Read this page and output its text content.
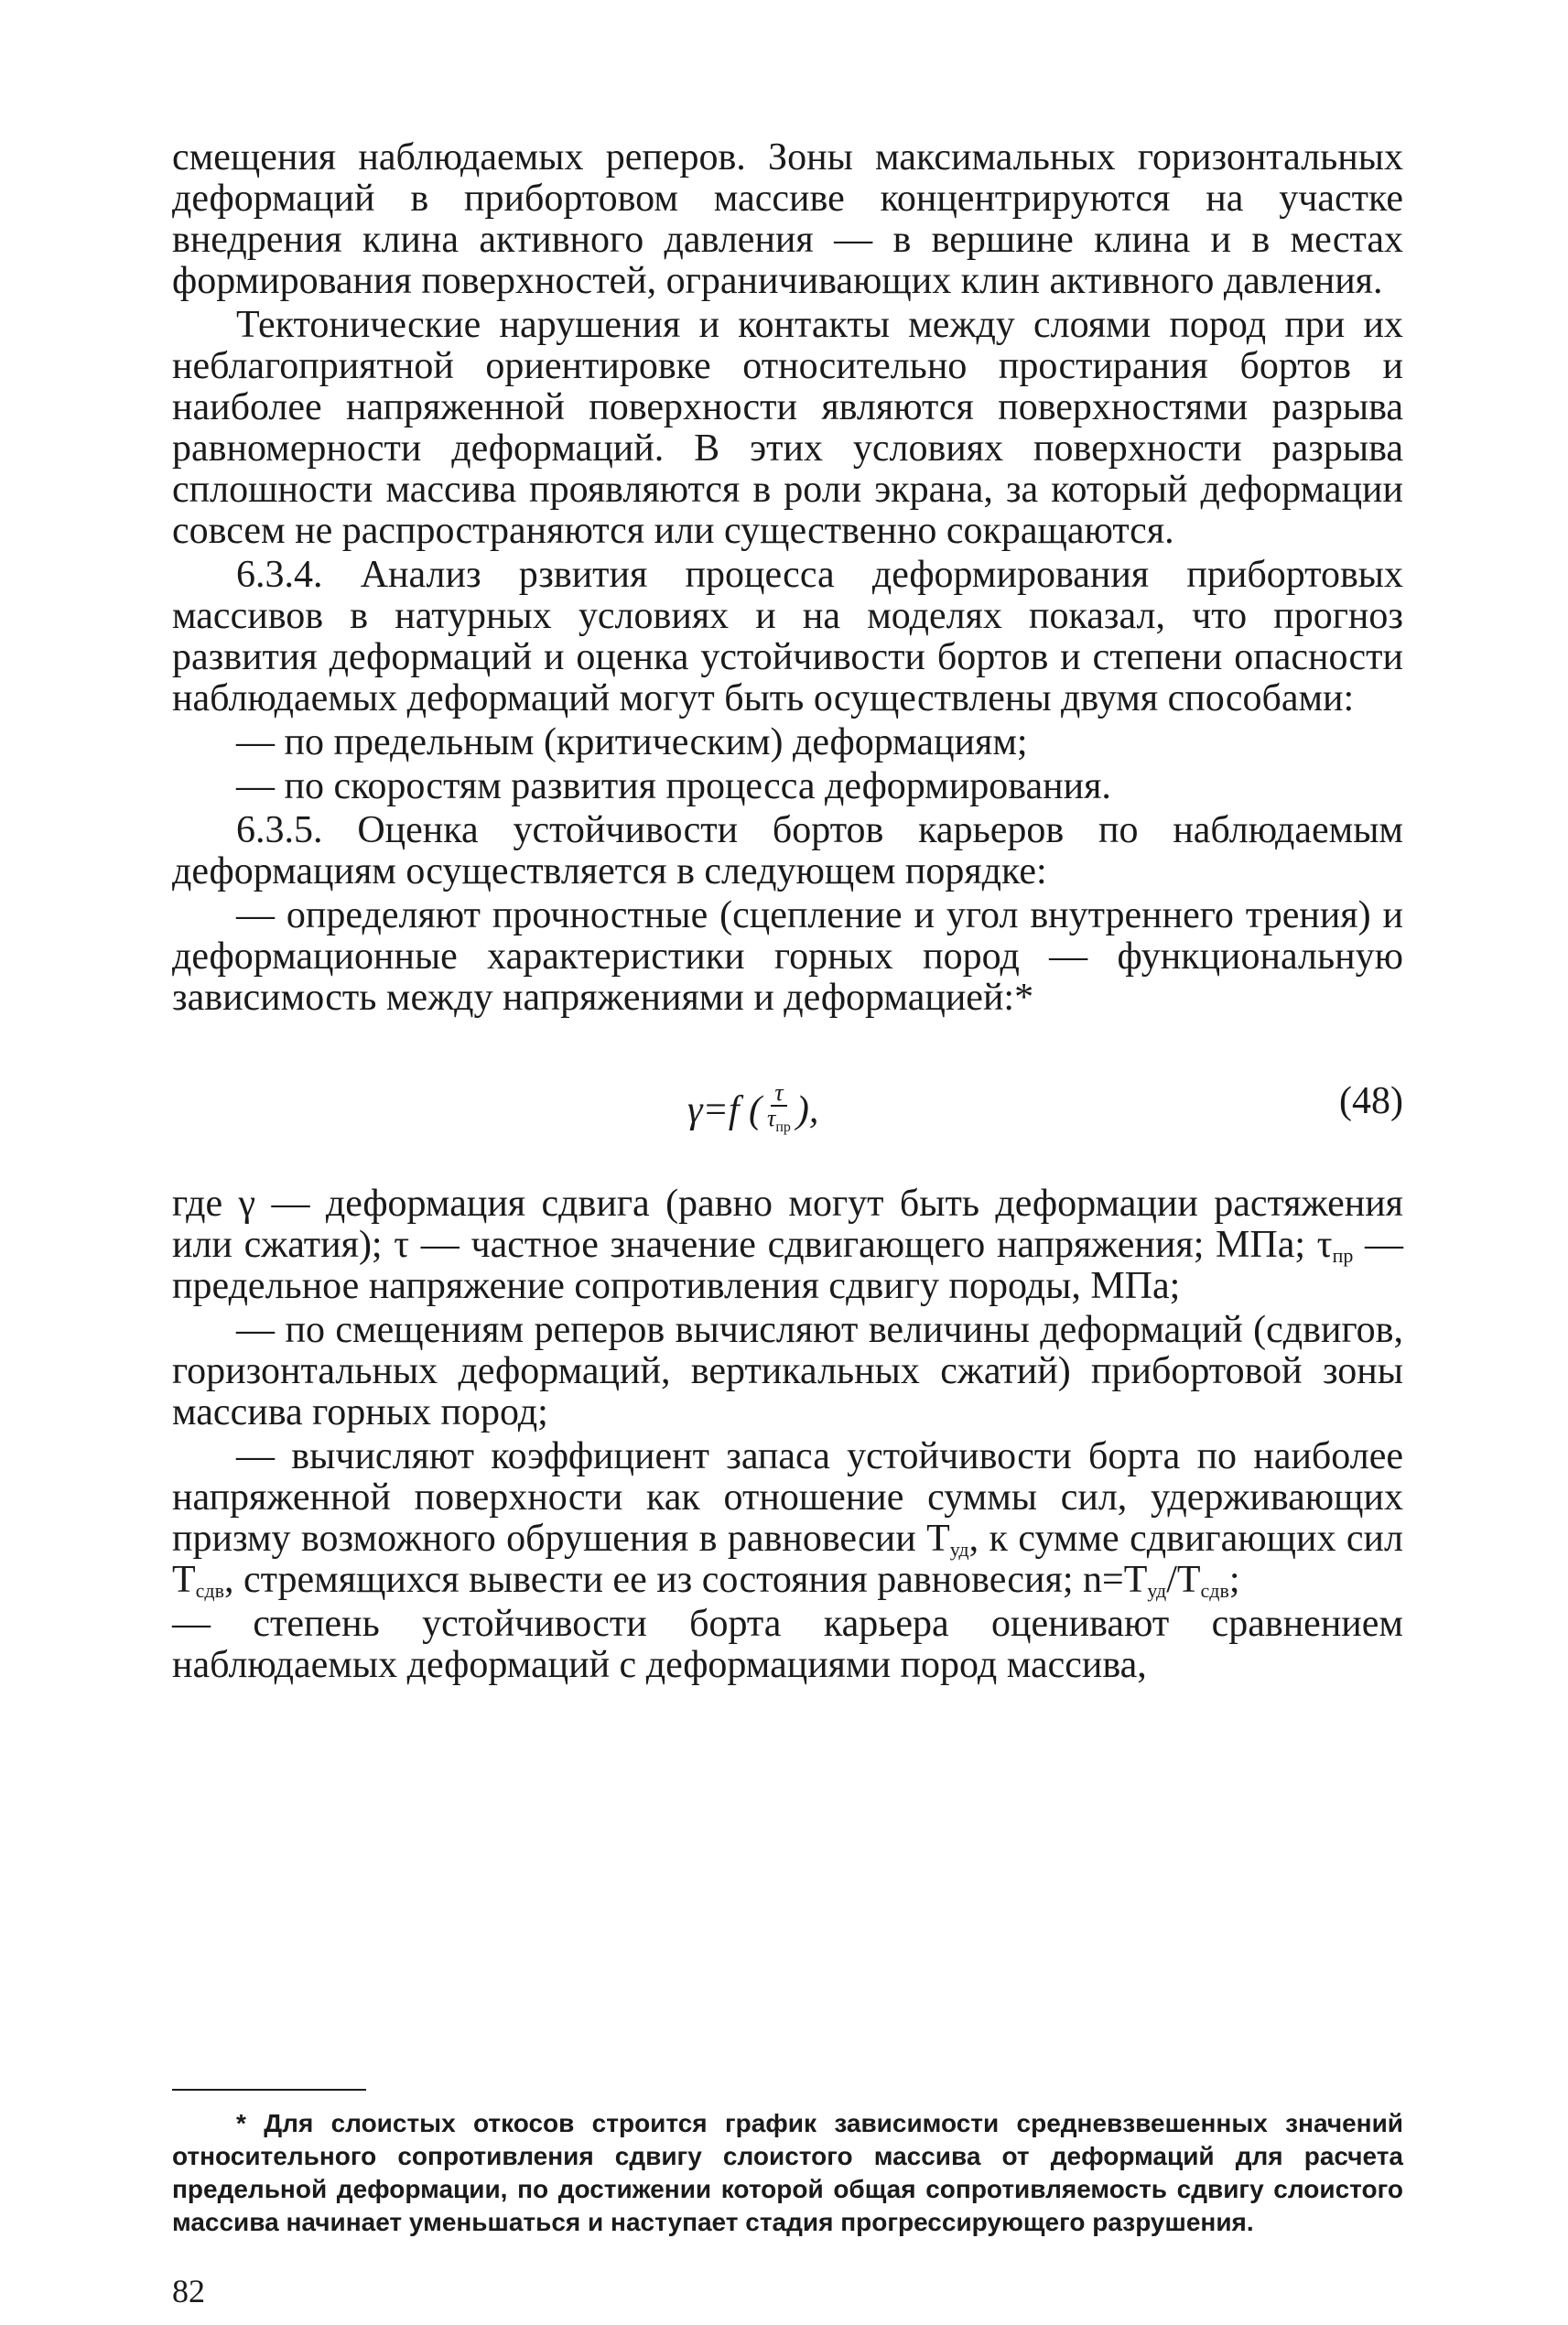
смещения наблюдаемых реперов. Зоны максимальных горизонтальных деформаций в прибортовом массиве концентрируются на участке внедрения клина активного давления — в вершине клина и в местах формирования поверхностей, ограничивающих клин активного давления.

Тектонические нарушения и контакты между слоями пород при их неблагоприятной ориентировке относительно простирания бортов и наиболее напряженной поверхности являются поверхностями разрыва равномерности деформаций. В этих условиях поверхности разрыва сплошности массива проявляются в роли экрана, за который деформации совсем не распространяются или существенно сокращаются.

6.3.4. Анализ рзвития процесса деформирования прибортовых массивов в натурных условиях и на моделях показал, что прогноз развития деформаций и оценка устойчивости бортов и степени опасности наблюдаемых деформаций могут быть осуществлены двумя способами:

— по предельным (критическим) деформациям;

— по скоростям развития процесса деформирования.

6.3.5. Оценка устойчивости бортов карьеров по наблюдаемым деформациям осуществляется в следующем порядке:

— определяют прочностные (сцепление и угол внутреннего трения) и деформационные характеристики горных пород — функциональную зависимость между напряжениями и деформацией:*

γ=f ( $\frac{\tau}{\tau_{пр}}$ ),	(48)

где γ — деформация сдвига (равно могут быть деформации растяжения или сжатия); τ — частное значение сдвигающего напряжения; МПа; $\tau_{пр}$ — предельное напряжение сопротивления сдвигу породы, МПа;

— по смещениям реперов вычисляют величины деформаций (сдвигов, горизонтальных деформаций, вертикальных сжатий) прибортовой зоны массива горных пород;

— вычисляют коэффициент запаса устойчивости борта по наиболее напряженной поверхности как отношение суммы сил, удерживающих призму возможного обрушения в равновесии $Т_{уд}$, к сумме сдвигающих сил $Т_{сдв}$, стремящихся вывести ее из состояния равновесия; $n=Т_{уд}/Т_{сдв}$;

— степень устойчивости борта карьера оценивают сравнением наблюдаемых деформаций с деформациями пород массива,

* Для слоистых откосов строится график зависимости средневзвешенных значений относительного сопротивления сдвигу слоистого массива от деформаций для расчета предельной деформации, по достижении которой общая сопротивляемость сдвигу слоистого массива начинает уменьшаться и наступает стадия прогрессирующего разрушения.
82
